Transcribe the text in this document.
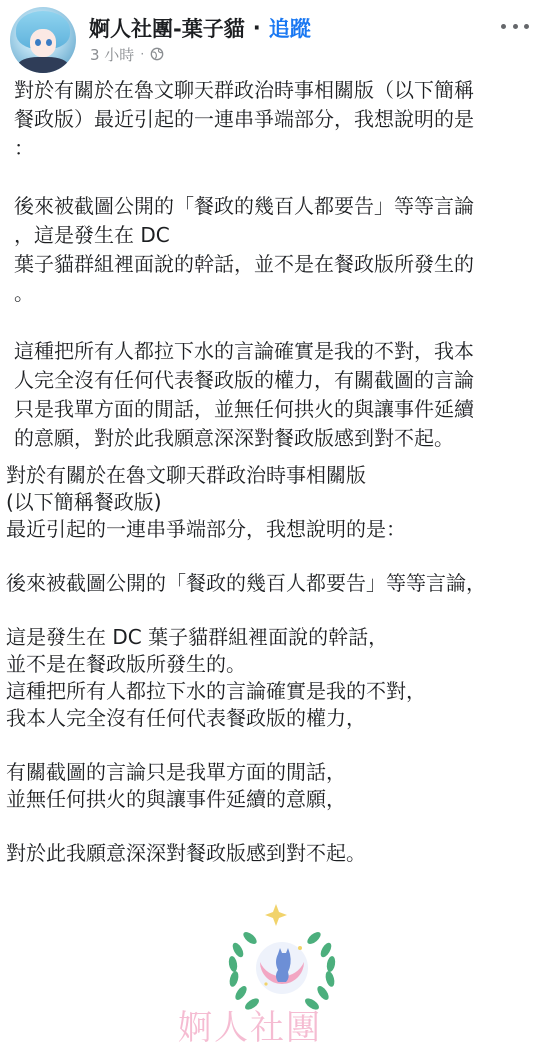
婀人社團-葉子貓 · 追蹤
3 小時 ·

對於有關於在魯文聊天群政治時事相關版（以下簡稱
餐政版）最近引起的一連串爭端部分，我想說明的是
：

後來被截圖公開的「餐政的幾百人都要告」等等言論
，這是發生在 DC
葉子貓群組裡面說的幹話，並不是在餐政版所發生的
。

這種把所有人都拉下水的言論確實是我的不對，我本
人完全沒有任何代表餐政版的權力，有關截圖的言論
只是我單方面的閒話，並無任何拱火的與讓事件延續
的意願，對於此我願意深深對餐政版感到對不起。

對於有關於在魯文聊天群政治時事相關版
(以下簡稱餐政版)
最近引起的一連串爭端部分，我想說明的是：

後來被截圖公開的「餐政的幾百人都要告」等等言論，

這是發生在 DC 葉子貓群組裡面說的幹話，
並不是在餐政版所發生的。
這種把所有人都拉下水的言論確實是我的不對，
我本人完全沒有任何代表餐政版的權力，

有關截圖的言論只是我單方面的閒話，
並無任何拱火的與讓事件延續的意願，

對於此我願意深深對餐政版感到對不起。

婀人社團
